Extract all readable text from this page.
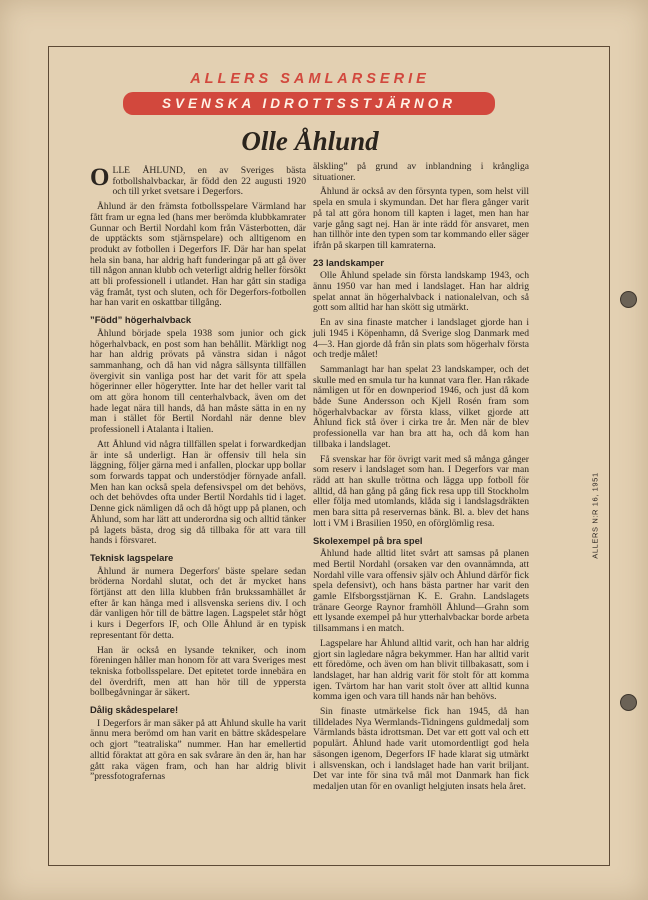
ALLERS SAMLARSERIE
SVENSKA IDROTTSSTJÄRNOR
Olle Åhlund

OLLE ÅHLUND, en av Sveriges bästa fotbollshalvbackar, är född den 22 augusti 1920 och till yrket svetsare i Degerfors.

Åhlund är den främsta fotbollsspelare Värmland har fått fram ur egna led (hans mer berömda klubbkamrater Gunnar och Bertil Nordahl kom från Västerbotten, där de upptäckts som stjärnspelare) och alltigenom en produkt av fotbollen i Degerfors IF. Där har han spelat hela sin bana, har aldrig haft funderingar på att gå över till någon annan klubb och veterligt aldrig heller försökt att bli professionell i utlandet. Han har gått sin stadiga väg framåt, tyst och sluten, och för Degerfors-fotbollen har han varit en oskattbar tillgång.

”Född” högerhalvback

Åhlund började spela 1938 som junior och gick högerhalvback, en post som han behållit. Märkligt nog har han aldrig prövats på vänstra sidan i något sammanhang, och då han vid några sällsynta tillfällen övergivit sin vanliga post har det varit för att spela högerinner eller högerytter. Inte har det heller varit tal om att göra honom till centerhalvback, även om det hade legat nära till hands, då han måste sätta in en ny man i stället för Bertil Nordahl när denne blev professionell i Atalanta i Italien.

Att Åhlund vid några tillfällen spelat i forwardkedjan är inte så underligt. Han är offensiv till hela sin läggning, följer gärna med i anfallen, plockar upp bollar som forwards tappat och understödjer förnyade anfall. Men han kan också spela defensivspel om det behövs, och det behövdes ofta under Bertil Nordahls tid i laget. Denne gick nämligen då och då högt upp på planen, och Åhlund, som har lätt att underordna sig och alltid tänker på lagets bästa, drog sig då tillbaka för att vara till hands i försvaret.

Teknisk lagspelare

Åhlund är numera Degerfors' bäste spelare sedan bröderna Nordahl slutat, och det är mycket hans förtjänst att den lilla klubben från brukssamhället år efter år kan hänga med i allsvenska seriens div. I och där vanligen hör till de bättre lagen. Lagspelet står högt i kurs i Degerfors IF, och Olle Åhlund är en typisk representant för detta.

Han är också en lysande tekniker, och inom föreningen håller man honom för att vara Sveriges mest tekniska fotbollsspelare. Det epitetet torde innebära en del överdrift, men att han hör till de yppersta bollbegåvningar är säkert.

Dålig skådespelare!

I Degerfors är man säker på att Åhlund skulle ha varit ännu mera berömd om han varit en bättre skådespelare och gjort ”teatraliska” nummer. Han har emellertid alltid föraktat att göra en sak svårare än den är, han har gått raka vägen fram, och han har aldrig blivit ”pressfotografernas

älskling” på grund av inblandning i krångliga situationer.

Åhlund är också av den försynta typen, som helst vill spela en smula i skymundan. Det har flera gånger varit på tal att göra honom till kapten i laget, men han har varje gång sagt nej. Han är inte rädd för ansvaret, men han tillhör inte den typen som tar kommando eller säger ifrån på skarpen till kamraterna.

23 landskamper

Olle Åhlund spelade sin första landskamp 1943, och ännu 1950 var han med i landslaget. Han har aldrig spelat annat än högerhalvback i nationalelvan, och så gott som alltid har han skött sig utmärkt.

En av sina finaste matcher i landslaget gjorde han i juli 1945 i Köpenhamn, då Sverige slog Danmark med 4—3. Han gjorde då från sin plats som högerhalv första och tredje målet!

Sammanlagt har han spelat 23 landskamper, och det skulle med en smula tur ha kunnat vara fler. Han råkade nämligen ut för en downperiod 1946, och just då kom både Sune Andersson och Kjell Rosén fram som högerhalvbackar av första klass, vilket gjorde att Åhlund fick stå över i cirka tre år. Men när de blev professionella var han bra att ha, och då kom han tillbaka i landslaget.

Få svenskar har för övrigt varit med så många gånger som reserv i landslaget som han. I Degerfors var man rädd att han skulle tröttna och lägga upp fotboll för alltid, då han gång på gång fick resa upp till Stockholm eller följa med utomlands, klåda sig i landslagsdräkten men bara sitta på reservernas bänk. Bl. a. blev det hans lott i VM i Brasilien 1950, en oförglömlig resa.

Skolexempel på bra spel

Åhlund hade alltid litet svårt att samsas på planen med Bertil Nordahl (orsaken var den ovannämnda, att Nordahl ville vara offensiv själv och Åhlund därför fick spela defensivt), och hans bästa partner har varit den gamle Elfsborgsstjärnan K. E. Grahn. Landslagets tränare George Raynor framhöll Åhlund—Grahn som ett lysande exempel på hur ytterhalvbackar borde arbeta tillsammans i en match.

Lagspelare har Åhlund alltid varit, och han har aldrig gjort sin lagledare några bekymmer. Han har alltid varit ett föredöme, och även om han blivit tillbakasatt, som i landslaget, har han aldrig varit för stolt för att komma igen. Tvärtom har han varit stolt över att alltid kunna komma igen och vara till hands när han behövs.

Sin finaste utmärkelse fick han 1945, då han tilldelades Nya Wermlands-Tidningens guldmedalj som Värmlands bästa idrottsman. Det var ett gott val och ett populärt. Åhlund hade varit utomordentligt god hela säsongen igenom, Degerfors IF hade klarat sig utmärkt i allsvenskan, och i landslaget hade han varit briljant. Det var inte för sina två mål mot Danmark han fick medaljen utan för en ovanligt helgjuten insats hela året.

ALLERS N:R 16, 1951
